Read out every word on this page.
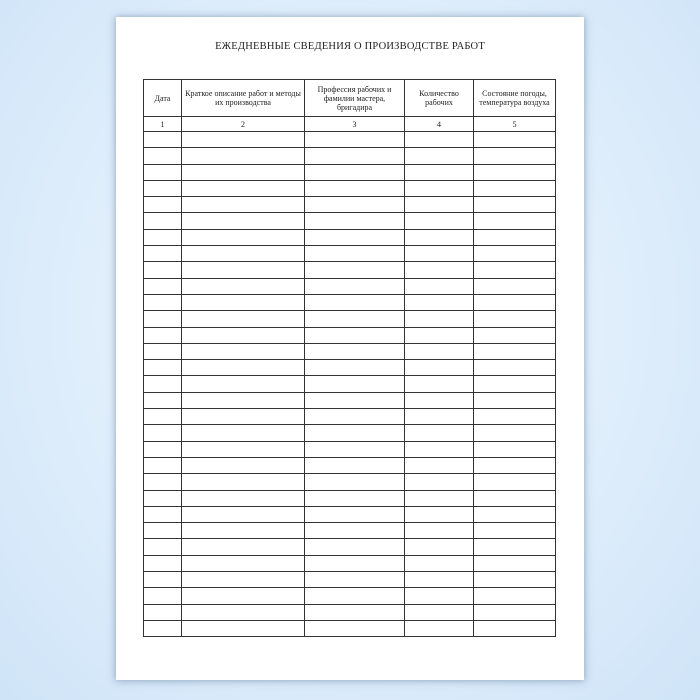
ЕЖЕДНЕВНЫЕ СВЕДЕНИЯ О ПРОИЗВОДСТВЕ РАБОТ
Дата	Краткое описание работ и методы их производства	Профессия рабочих и фамилии мастера, бригадира	Количество рабочих	Состояние погоды, температура воздуха
1	2	3	4	5
